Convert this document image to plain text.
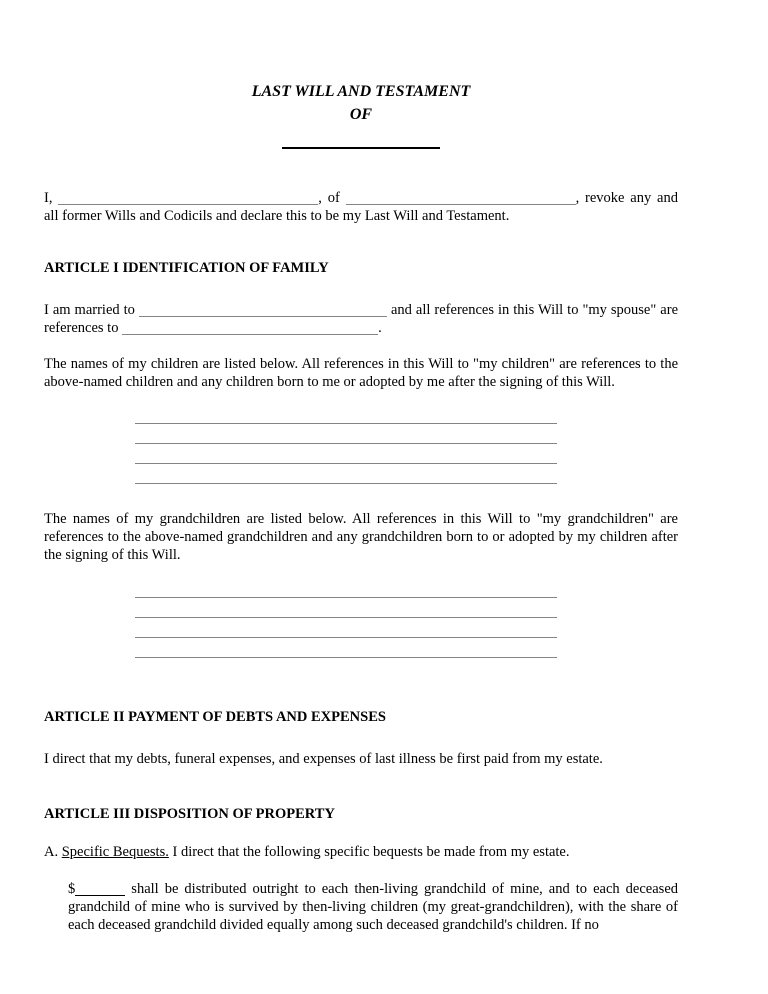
LAST WILL AND TESTAMENT
OF

I,	, of	, revoke any and all former Wills and Codicils and declare this to be my Last Will and Testament.

ARTICLE I IDENTIFICATION OF FAMILY

I am married to	and all references in this Will to "my spouse" are references to	.

The names of my children are listed below. All references in this Will to "my children" are references to the above-named children and any children born to me or adopted by me after the signing of this Will.

The names of my grandchildren are listed below. All references in this Will to "my grandchildren" are references to the above-named grandchildren and any grandchildren born to or adopted by my children after the signing of this Will.

ARTICLE II PAYMENT OF DEBTS AND EXPENSES

I direct that my debts, funeral expenses, and expenses of last illness be first paid from my estate.

ARTICLE III DISPOSITION OF PROPERTY

A. Specific Bequests. I direct that the following specific bequests be made from my estate.

$	shall be distributed outright to each then-living grandchild of mine, and to each deceased grandchild of mine who is survived by then-living children (my great-grandchildren), with the share of each deceased grandchild divided equally among such deceased grandchild's children. If no
